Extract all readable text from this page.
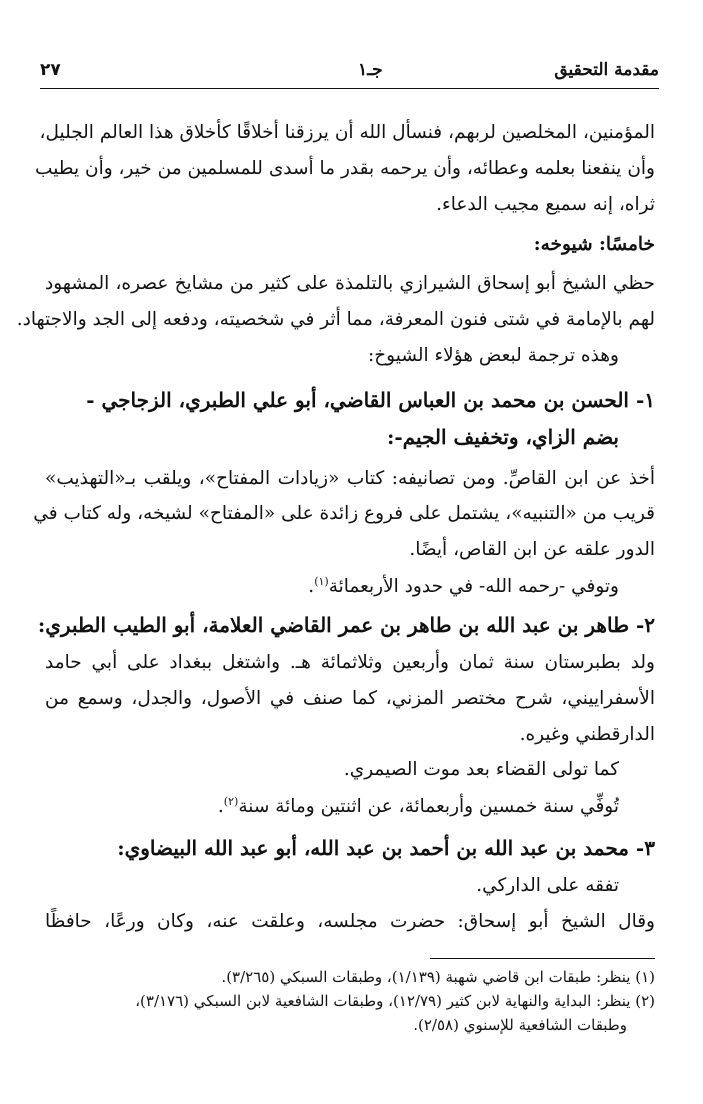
مقدمة التحقيق
جـ١
٢٧
المؤمنين، المخلصين لربهم، فنسأل الله أن يرزقنا أخلاقًا كأخلاق هذا العالم الجليل،
وأن ينفعنا بعلمه وعطائه، وأن يرحمه بقدر ما أسدى للمسلمين من خير، وأن يطيب
ثراه، إنه سميع مجيب الدعاء.
خامسًا: شيوخه:
حظي الشيخ أبو إسحاق الشيرازي بالتلمذة على كثير من مشايخ عصره، المشهود
لهم بالإمامة في شتى فنون المعرفة، مما أثر في شخصيته، ودفعه إلى الجد والاجتهاد.
وهذه ترجمة لبعض هؤلاء الشيوخ:
١- الحسن بن محمد بن العباس القاضي، أبو علي الطبري، الزجاجي -
بضم الزاي، وتخفيف الجيم-:
أخذ عن ابن القاصِّ. ومن تصانيفه: كتاب «زيادات المفتاح»، ويلقب بـ«التهذيب»
قريب من «التنبيه»، يشتمل على فروع زائدة على «المفتاح» لشيخه، وله كتاب في
الدور علقه عن ابن القاص، أيضًا.
وتوفي -رحمه الله- في حدود الأربعمائة$^{(١)}$.
٢- طاهر بن عبد الله بن طاهر بن عمر القاضي العلامة، أبو الطيب الطبري:
ولد بطبرستان سنة ثمان وأربعين وثلاثمائة هـ. واشتغل ببغداد على أبي حامد
الأسفراييني، شرح مختصر المزني، كما صنف في الأصول، والجدل، وسمع من
الدارقطني وغيره.
كما تولى القضاء بعد موت الصيمري.
تُوفِّي سنة خمسين وأربعمائة، عن اثنتين ومائة سنة$^{(٢)}$.
٣- محمد بن عبد الله بن أحمد بن عبد الله، أبو عبد الله البيضاوي:
تفقه على الداركي.
وقال الشيخ أبو إسحاق: حضرت مجلسه، وعلقت عنه، وكان ورعًا، حافظًا
(١) ينظر: طبقات ابن قاضي شهبة (١/١٣٩)، وطبقات السبكي (٣/٢٦٥).
(٢) ينظر: البداية والنهاية لابن كثير (١٢/٧٩)، وطبقات الشافعية لابن السبكي (٣/١٧٦)،
وطبقات الشافعية للإسنوي (٢/٥٨).
